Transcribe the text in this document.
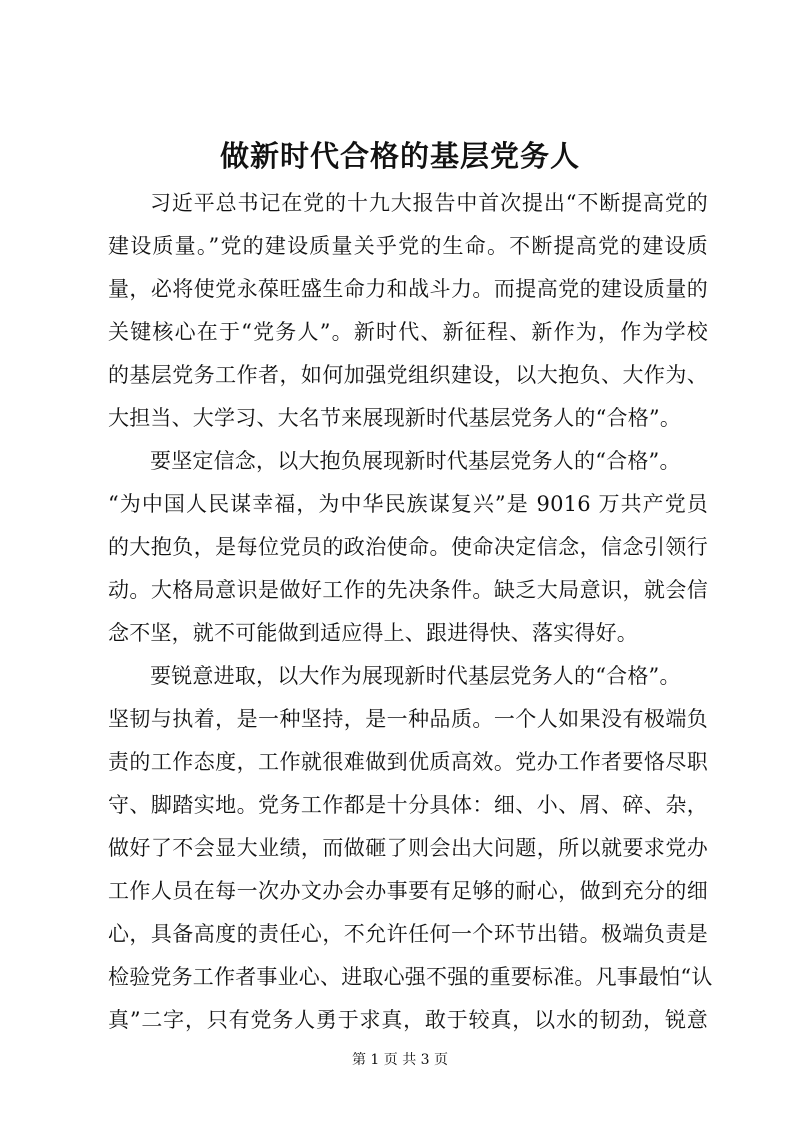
做新时代合格的基层党务人
习近平总书记在党的十九大报告中首次提出“不断提高党的
建设质量。”党的建设质量关乎党的生命。不断提高党的建设质
量，必将使党永葆旺盛生命力和战斗力。而提高党的建设质量的
关键核心在于“党务人”。新时代、新征程、新作为，作为学校
的基层党务工作者，如何加强党组织建设，以大抱负、大作为、
大担当、大学习、大名节来展现新时代基层党务人的“合格”。
要坚定信念，以大抱负展现新时代基层党务人的“合格”。
“为中国人民谋幸福，为中华民族谋复兴”是 9016 万共产党员
的大抱负，是每位党员的政治使命。使命决定信念，信念引领行
动。大格局意识是做好工作的先决条件。缺乏大局意识，就会信
念不坚，就不可能做到适应得上、跟进得快、落实得好。
要锐意进取，以大作为展现新时代基层党务人的“合格”。
坚韧与执着，是一种坚持，是一种品质。一个人如果没有极端负
责的工作态度，工作就很难做到优质高效。党办工作者要恪尽职
守、脚踏实地。党务工作都是十分具体：细、小、屑、碎、杂，
做好了不会显大业绩，而做砸了则会出大问题，所以就要求党办
工作人员在每一次办文办会办事要有足够的耐心，做到充分的细
心，具备高度的责任心，不允许任何一个环节出错。极端负责是
检验党务工作者事业心、进取心强不强的重要标准。凡事最怕“认
真”二字，只有党务人勇于求真，敢于较真，以水的韧劲，锐意
第 1 页 共 3 页
